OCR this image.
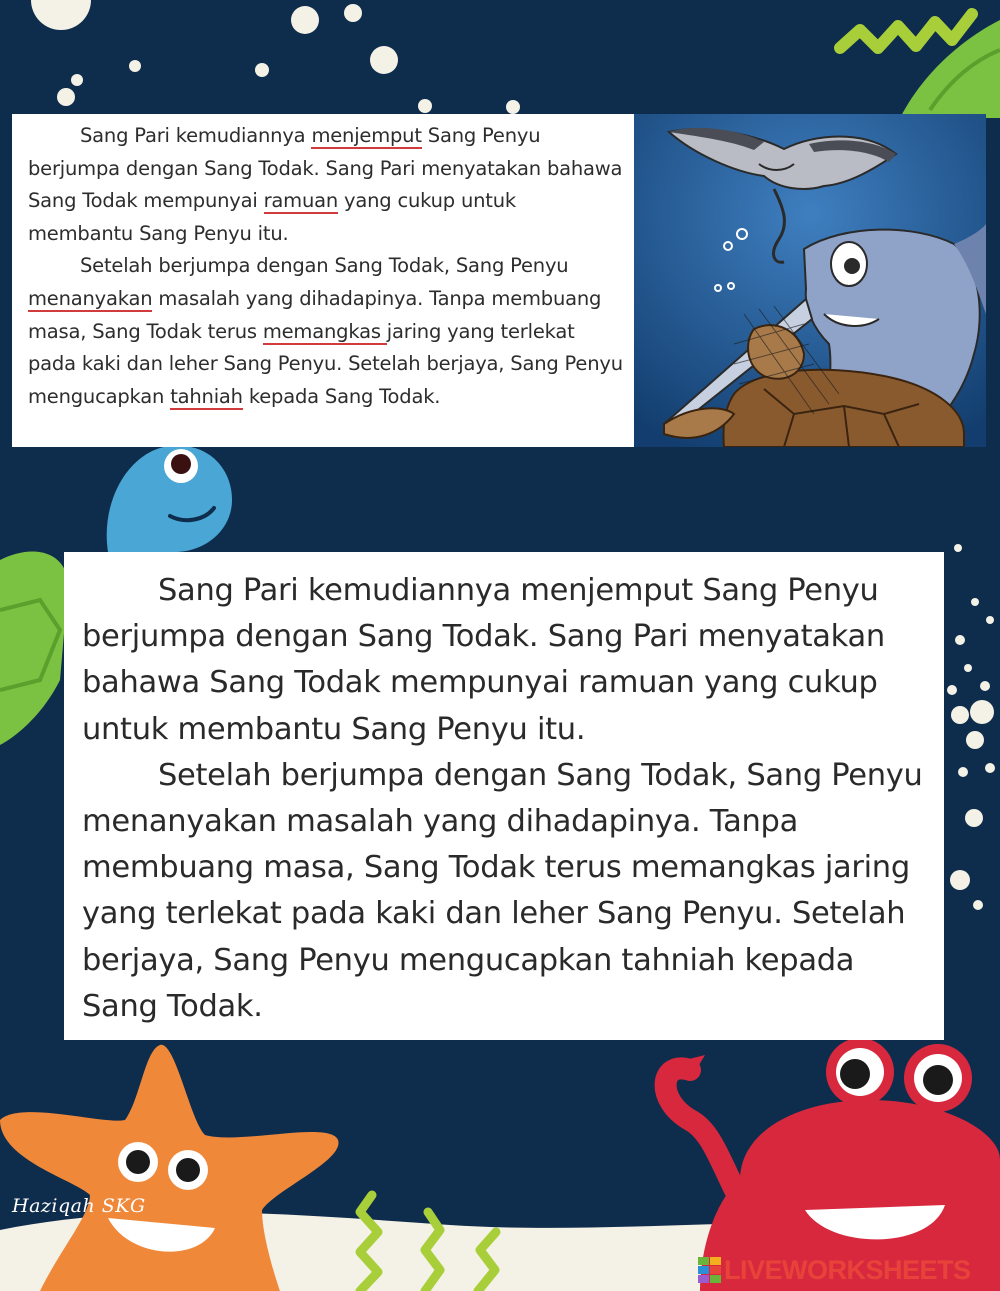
Sang Pari kemudiannya menjemput Sang Penyu berjumpa dengan Sang Todak. Sang Pari menyatakan bahawa Sang Todak mempunyai ramuan yang cukup untuk membantu Sang Penyu itu.

Setelah berjumpa dengan Sang Todak, Sang Penyu menanyakan masalah yang dihadapinya. Tanpa membuang masa, Sang Todak terus memangkas jaring yang terlekat pada kaki dan leher Sang Penyu. Setelah berjaya, Sang Penyu mengucapkan tahniah kepada Sang Todak.

Sang Pari kemudiannya menjemput Sang Penyu berjumpa dengan Sang Todak. Sang Pari menyatakan bahawa Sang Todak mempunyai ramuan yang cukup untuk membantu Sang Penyu itu.

Setelah berjumpa dengan Sang Todak, Sang Penyu menanyakan masalah yang dihadapinya. Tanpa membuang masa, Sang Todak terus memangkas jaring yang terlekat pada kaki dan leher Sang Penyu. Setelah berjaya, Sang Penyu mengucapkan tahniah kepada Sang Todak.

Haziqah SKG
LIVEWORKSHEETS
